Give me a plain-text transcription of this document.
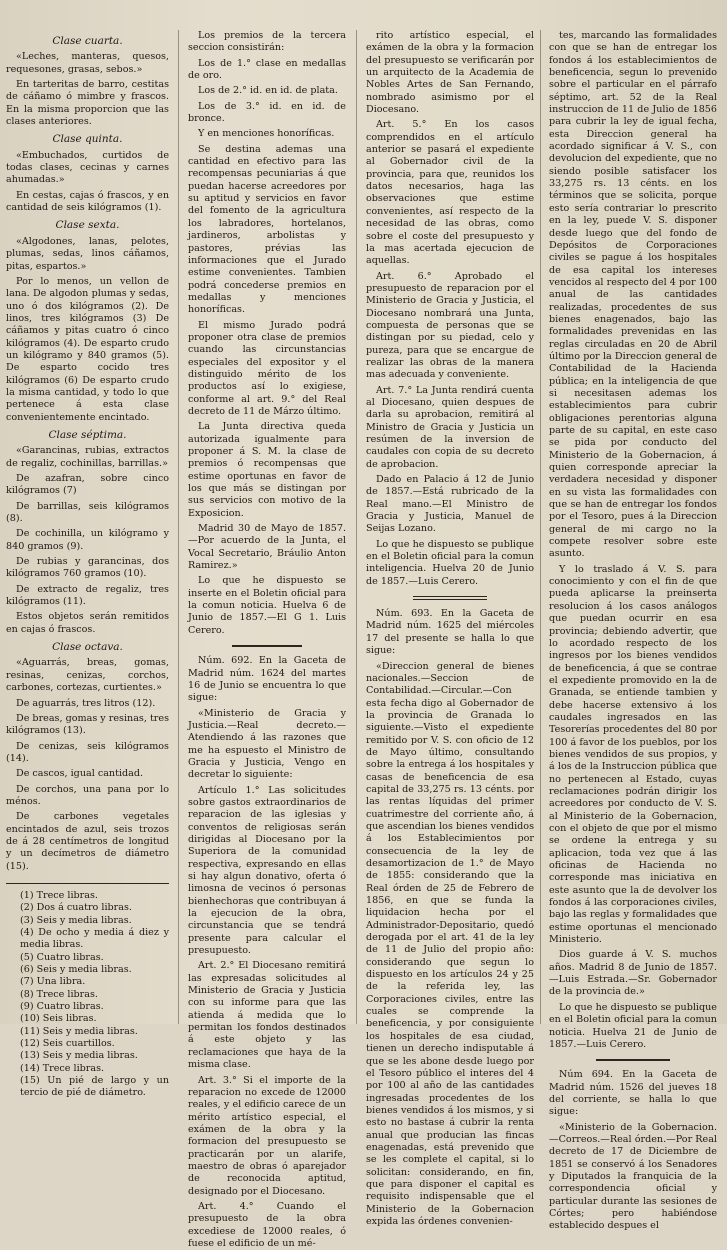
Clase cuarta.

«Leches, manteras, quesos, requesones, grasas, sebos.»

En tarteritas de barro, cestitas de cáñamo ó mimbre y frascos. En la misma proporcion que las clases anteriores.

Clase quinta.

«Embuchados, curtidos de todas clases, cecinas y carnes ahumadas.»

En cestas, cajas ó frascos, y en cantidad de seis kilógramos (1).

Clase sexta.

«Algodones, lanas, pelotes, plumas, sedas, linos cáñamos, pitas, espartos.»

Por lo menos, un vellon de lana. De algodon plumas y sedas, uno ó dos kilógramos (2). De linos, tres kilógramos (3) De cáñamos y pitas cuatro ó cinco kilógramos (4). De esparto crudo un kilógramo y 840 gramos (5). De esparto cocido tres kilógramos (6) De esparto crudo la misma cantidad, y todo lo que pertenece á esta clase convenientemente encintado.

Clase séptima.

«Garancinas, rubias, extractos de regaliz, cochinillas, barrillas.»

De azafran, sobre cinco kilógramos (7)

De barrillas, seis kilógramos (8).

De cochinilla, un kilógramo y 840 gramos (9).

De rubias y garancinas, dos kilógramos 760 gramos (10).

De extracto de regaliz, tres kilógramos (11).

Estos objetos serán remitidos en cajas ó frascos.

Clase octava.

«Aguarrás, breas, gomas, resinas, cenizas, corchos, carbones, cortezas, curtientes.»

De aguarrás, tres litros (12).

De breas, gomas y resinas, tres kilógramos (13).

De cenizas, seis kilógramos (14).

De cascos, igual cantidad.

De corchos, una pana por lo ménos.

De carbones vegetales encintados de azul, seis trozos de á 28 centímetros de longitud y un decímetros de diámetro (15).

(1) Trece libras.

(2) Dos á cuatro libras.

(3) Seis y media libras.

(4) De ocho y media á diez y media libras.

(5) Cuatro libras.

(6) Seis y media libras.

(7) Una libra.

(8) Trece libras.

(9) Cuatro libras.

(10) Seis libras.

(11) Seis y media libras.

(12) Seis cuartillos.

(13) Seis y media libras.

(14) Trece libras.

(15) Un pié de largo y un tercio de pié de diámetro.

Los premios de la tercera seccion consistirán:

Los de 1.° clase en medallas de oro.

Los de 2.° id. en id. de plata.

Los de 3.° id. en id. de bronce.

Y en menciones honoríficas.

Se destina ademas una cantidad en efectivo para las recompensas pecuniarias á que puedan hacerse acreedores por su aptitud y servicios en favor del fomento de la agricultura los labradores, hortelanos, jardineros, arbolistas y pastores, prévias las informaciones que el Jurado estime convenientes. Tambien podrá concederse premios en medallas y menciones honoríficas.

El mismo Jurado podrá proponer otra clase de premios cuando las circunstancias especiales del expositor y el distinguido mérito de los productos así lo exigiese, conforme al art. 9.° del Real decreto de 11 de Márzo último.

La Junta directiva queda autorizada igualmente para proponer á S. M. la clase de premios ó recompensas que estime oportunas en favor de los que más se distingan por sus servicios con motivo de la Exposicion.

Madrid 30 de Mayo de 1857.—Por acuerdo de la Junta, el Vocal Secretario, Bráulio Anton Ramirez.»

Lo que he dispuesto se inserte en el Boletin oficial para la comun noticia. Huelva 6 de Junio de 1857.—El G 1. Luis Cerero.

Núm. 692. En la Gaceta de Madrid núm. 1624 del martes 16 de Junio se encuentra lo que sigue:

«Ministerio de Gracia y Justicia.—Real decreto.—Atendiendo á las razones que me ha espuesto el Ministro de Gracia y Justicia, Vengo en decretar lo siguiente:

Artículo 1.° Las solicitudes sobre gastos extraordinarios de reparacion de las iglesias y conventos de religiosas serán dirigidas al Diocesano por la Superiora de la comunidad respectiva, expresando en ellas si hay algun donativo, oferta ó limosna de vecinos ó personas bienhechoras que contribuyan á la ejecucion de la obra, circunstancia que se tendrá presente para calcular el presupuesto.

Art. 2.° El Diocesano remitirá las expresadas solicitudes al Ministerio de Gracia y Justicia con su informe para que las atienda á medida que lo permitan los fondos destinados á este objeto y las reclamaciones que haya de la misma clase.

Art. 3.° Si el importe de la reparacion no excede de 12000 reales, y el edificio carece de un mérito artístico especial, el exámen de la obra y la formacion del presupuesto se practicarán por un alarife, maestro de obras ó aparejador de reconocida aptitud, designado por el Diocesano.

Art. 4.° Cuando el presupuesto de la obra excediese de 12000 reales, ó fuese el edificio de un mé-

rito artístico especial, el exámen de la obra y la formacion del presupuesto se verificarán por un arquitecto de la Academia de Nobles Artes de San Fernando, nombrado asimismo por el Diocesano.

Art. 5.° En los casos comprendidos en el artículo anterior se pasará el expediente al Gobernador civil de la provincia, para que, reunidos los datos necesarios, haga las observaciones que estime convenientes, así respecto de la necesidad de las obras, como sobre el coste del presupuesto y la mas acertada ejecucion de aquellas.

Art. 6.° Aprobado el presupuesto de reparacion por el Ministerio de Gracia y Justicia, el Diocesano nombrará una Junta, compuesta de personas que se distingan por su piedad, celo y pureza, para que se encargue de realizar las obras de la manera mas adecuada y conveniente.

Art. 7.° La Junta rendirá cuenta al Diocesano, quien despues de darla su aprobacion, remitirá al Ministro de Gracia y Justicia un resúmen de la inversion de caudales con copia de su decreto de aprobacion.

Dado en Palacio á 12 de Junio de 1857.—Está rubricado de la Real mano.—El Ministro de Gracia y Justicia, Manuel de Seijas Lozano.

Lo que he dispuesto se publique en el Boletin oficial para la comun inteligencia. Huelva 20 de Junio de 1857.—Luis Cerero.

Núm. 693. En la Gaceta de Madrid núm. 1625 del miércoles 17 del presente se halla lo que sigue:

«Direccion general de bienes nacionales.—Seccion de Contabilidad.—Circular.—Con esta fecha digo al Gobernador de la provincia de Granada lo siguiente.—Visto el expediente remitido por V. S. con oficio de 12 de Mayo último, consultando sobre la entrega á los hospitales y casas de beneficencia de esa capital de 33,275 rs. 13 cénts. por las rentas líquidas del primer cuatrimestre del corriente año, á que ascendian los bienes vendidos á los Establecimientos por consecuencia de la ley de desamortizacion de 1.° de Mayo de 1855: considerando que la Real órden de 25 de Febrero de 1856, en que se funda la liquidacion hecha por el Administrador-Depositario, quedó derogada por el art. 41 de la ley de 11 de Julio del propio año: considerando que segun lo dispuesto en los artículos 24 y 25 de la referida ley, las Corporaciones civiles, entre las cuales se comprende la beneficencia, y por consiguiente los hospitales de esa ciudad, tienen un derecho indisputable á que se les abone desde luego por el Tesoro público el interes del 4 por 100 al año de las cantidades ingresadas procedentes de los bienes vendidos á los mismos, y si esto no bastase á cubrir la renta anual que producian las fincas enagenadas, está prevenido que se les complete el capital, si lo solicitan: considerando, en fin, que para disponer el capital es requisito indispensable que el Ministerio de la Gobernacion expida las órdenes convenien-

tes, marcando las formalidades con que se han de entregar los fondos á los establecimientos de beneficencia, segun lo prevenido sobre el particular en el párrafo séptimo, art. 52 de la Real instruccion de 11 de Julio de 1856 para cubrir la ley de igual fecha, esta Direccion general ha acordado significar á V. S., con devolucion del expediente, que no siendo posible satisfacer los 33,275 rs. 13 cénts. en los términos que se solicita, porque esto sería contrariar lo prescrito en la ley, puede V. S. disponer desde luego que del fondo de Depósitos de Corporaciones civiles se pague á los hospitales de esa capital los intereses vencidos al respecto del 4 por 100 anual de las cantidades realizadas, procedentes de sus bienes enagenados, bajo las formalidades prevenidas en las reglas circuladas en 20 de Abril último por la Direccion general de Contabilidad de la Hacienda pública; en la inteligencia de que si necesitasen ademas los establecimientos para cubrir obligaciones perentorias alguna parte de su capital, en este caso se pida por conducto del Ministerio de la Gobernacion, á quien corresponde apreciar la verdadera necesidad y disponer en su vista las formalidades con que se han de entregar los fondos por el Tesoro, pues á la Direccion general de mi cargo no la compete resolver sobre este asunto.

Y lo traslado á V. S. para conocimiento y con el fin de que pueda aplicarse la preinserta resolucion á los casos análogos que puedan ocurrir en esa provincia; debiendo advertir, que lo acordado respecto de los ingresos por los bienes vendidos de beneficencia, á que se contrae el expediente promovido en la de Granada, se entiende tambien y debe hacerse extensivo á los caudales ingresados en las Tesorerías procedentes del 80 por 100 á favor de los pueblos, por los bienes vendidos de sus propios, y á los de la Instruccion pública que no pertenecen al Estado, cuyas reclamaciones podrán dirigir los acreedores por conducto de V. S. al Ministerio de la Gobernacion, con el objeto de que por el mismo se ordene la entrega y su aplicacion, toda vez que á las oficinas de Hacienda no corresponde mas iniciativa en este asunto que la de devolver los fondos á las corporaciones civiles, bajo las reglas y formalidades que estime oportunas el mencionado Ministerio.

Dios guarde á V. S. muchos años. Madrid 8 de Junio de 1857.—Luis Estrada.—Sr. Gobernador de la provincia de.»

Lo que he dispuesto se publique en el Boletin oficial para la comun noticia. Huelva 21 de Junio de 1857.—Luis Cerero.

Núm 694. En la Gaceta de Madrid núm. 1526 del jueves 18 del corriente, se halla lo que sigue:

«Ministerio de la Gobernacion.—Correos.—Real órden.—Por Real decreto de 17 de Diciembre de 1851 se conservó á los Senadores y Diputados la franquicia de la correspondencia oficial y particular durante las sesiones de Córtes; pero habiéndose establecido despues el
